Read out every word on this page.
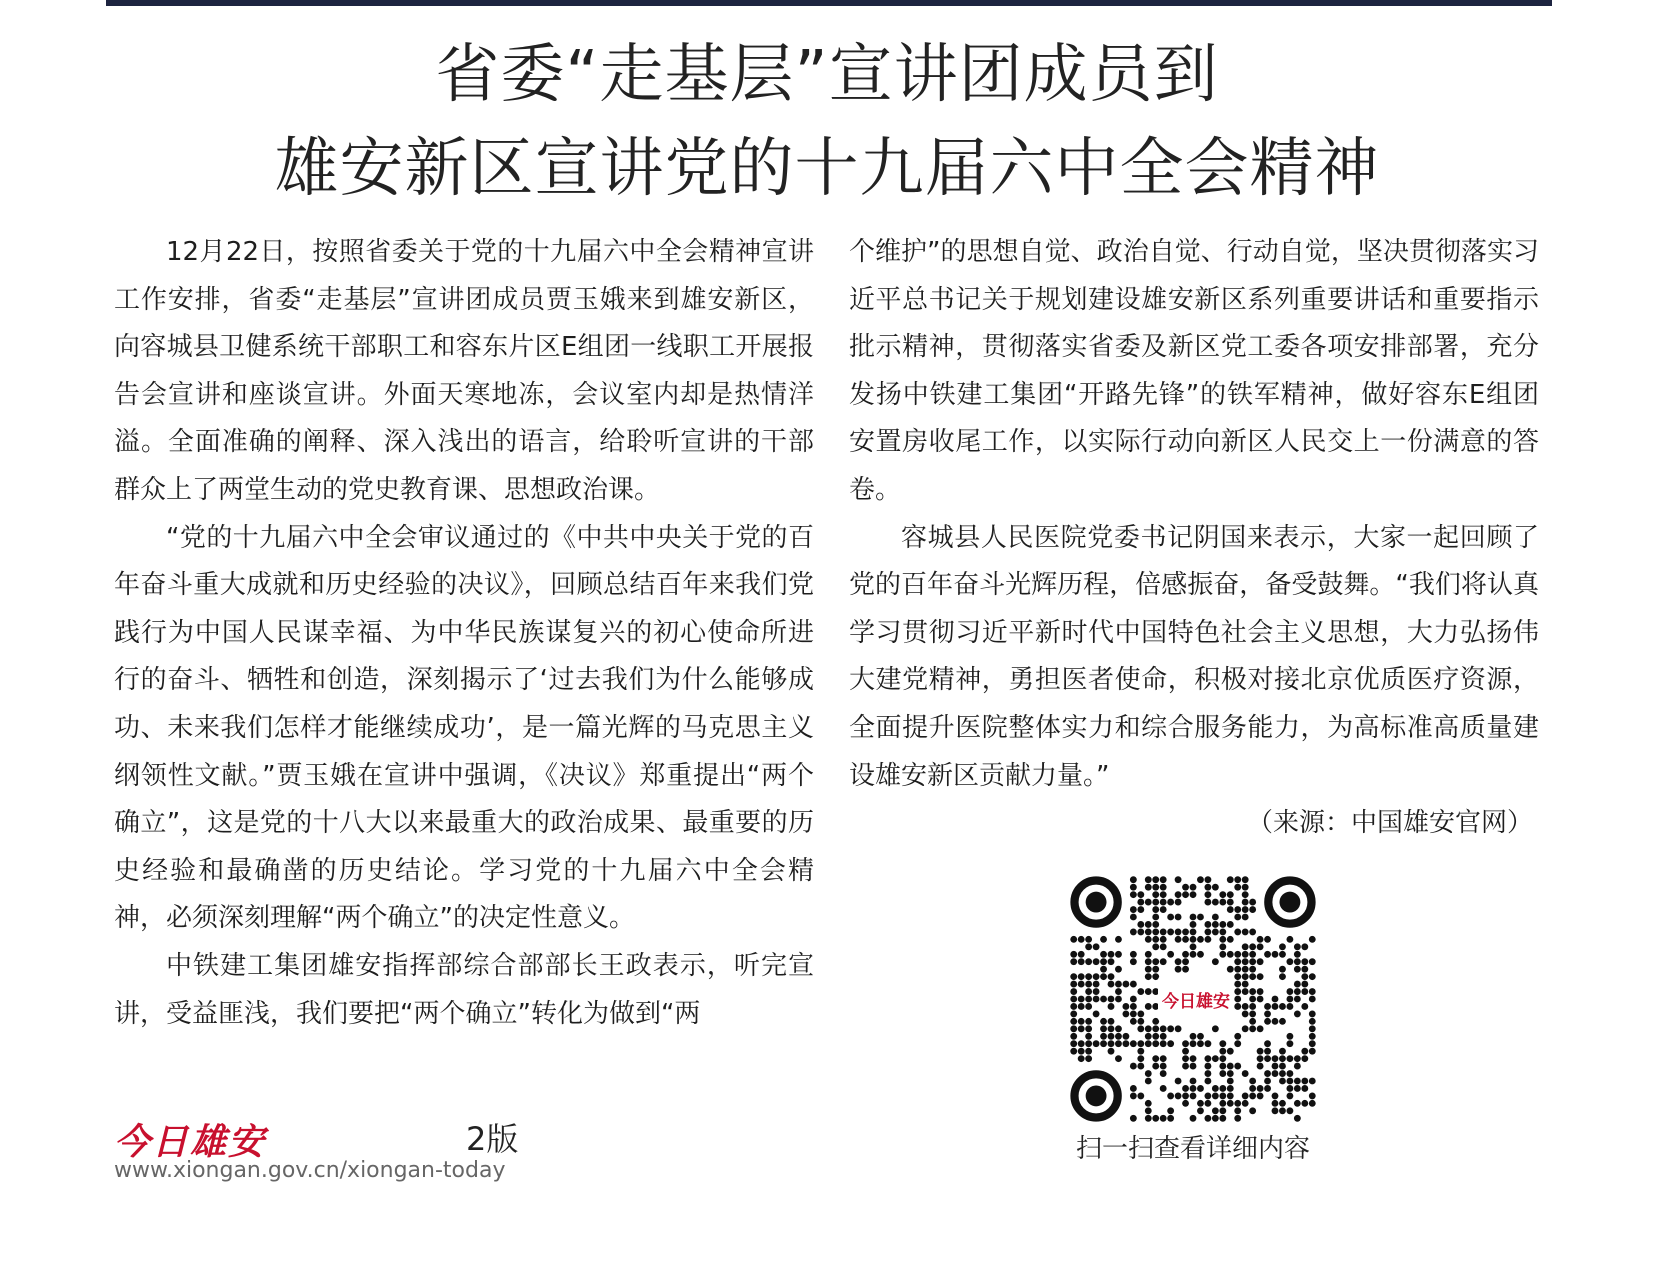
省委“走基层”宣讲团成员到
雄安新区宣讲党的十九届六中全会精神

12月22日，按照省委关于党的十九届六中全会精神宣讲工作安排，省委“走基层”宣讲团成员贾玉娥来到雄安新区，向容城县卫健系统干部职工和容东片区E组团一线职工开展报告会宣讲和座谈宣讲。外面天寒地冻，会议室内却是热情洋溢。全面准确的阐释、深入浅出的语言，给聆听宣讲的干部群众上了两堂生动的党史教育课、思想政治课。

“党的十九届六中全会审议通过的《中共中央关于党的百年奋斗重大成就和历史经验的决议》，回顾总结百年来我们党践行为中国人民谋幸福、为中华民族谋复兴的初心使命所进行的奋斗、牺牲和创造，深刻揭示了‘过去我们为什么能够成功、未来我们怎样才能继续成功’，是一篇光辉的马克思主义纲领性文献。”贾玉娥在宣讲中强调，《决议》郑重提出“两个确立”，这是党的十八大以来最重大的政治成果、最重要的历史经验和最确凿的历史结论。学习党的十九届六中全会精神，必须深刻理解“两个确立”的决定性意义。

中铁建工集团雄安指挥部综合部部长王政表示，听完宣讲，受益匪浅，我们要把“两个确立”转化为做到“两

个维护”的思想自觉、政治自觉、行动自觉，坚决贯彻落实习近平总书记关于规划建设雄安新区系列重要讲话和重要指示批示精神，贯彻落实省委及新区党工委各项安排部署，充分发扬中铁建工集团“开路先锋”的铁军精神，做好容东E组团安置房收尾工作，以实际行动向新区人民交上一份满意的答卷。

容城县人民医院党委书记阴国来表示，大家一起回顾了党的百年奋斗光辉历程，倍感振奋，备受鼓舞。“我们将认真学习贯彻习近平新时代中国特色社会主义思想，大力弘扬伟大建党精神，勇担医者使命，积极对接北京优质医疗资源，全面提升医院整体实力和综合服务能力，为高标准高质量建设雄安新区贡献力量。”

（来源：中国雄安官网）

今日雄安
扫一扫查看详细内容
今日雄安	2版
www.xiongan.gov.cn/xiongan-today
